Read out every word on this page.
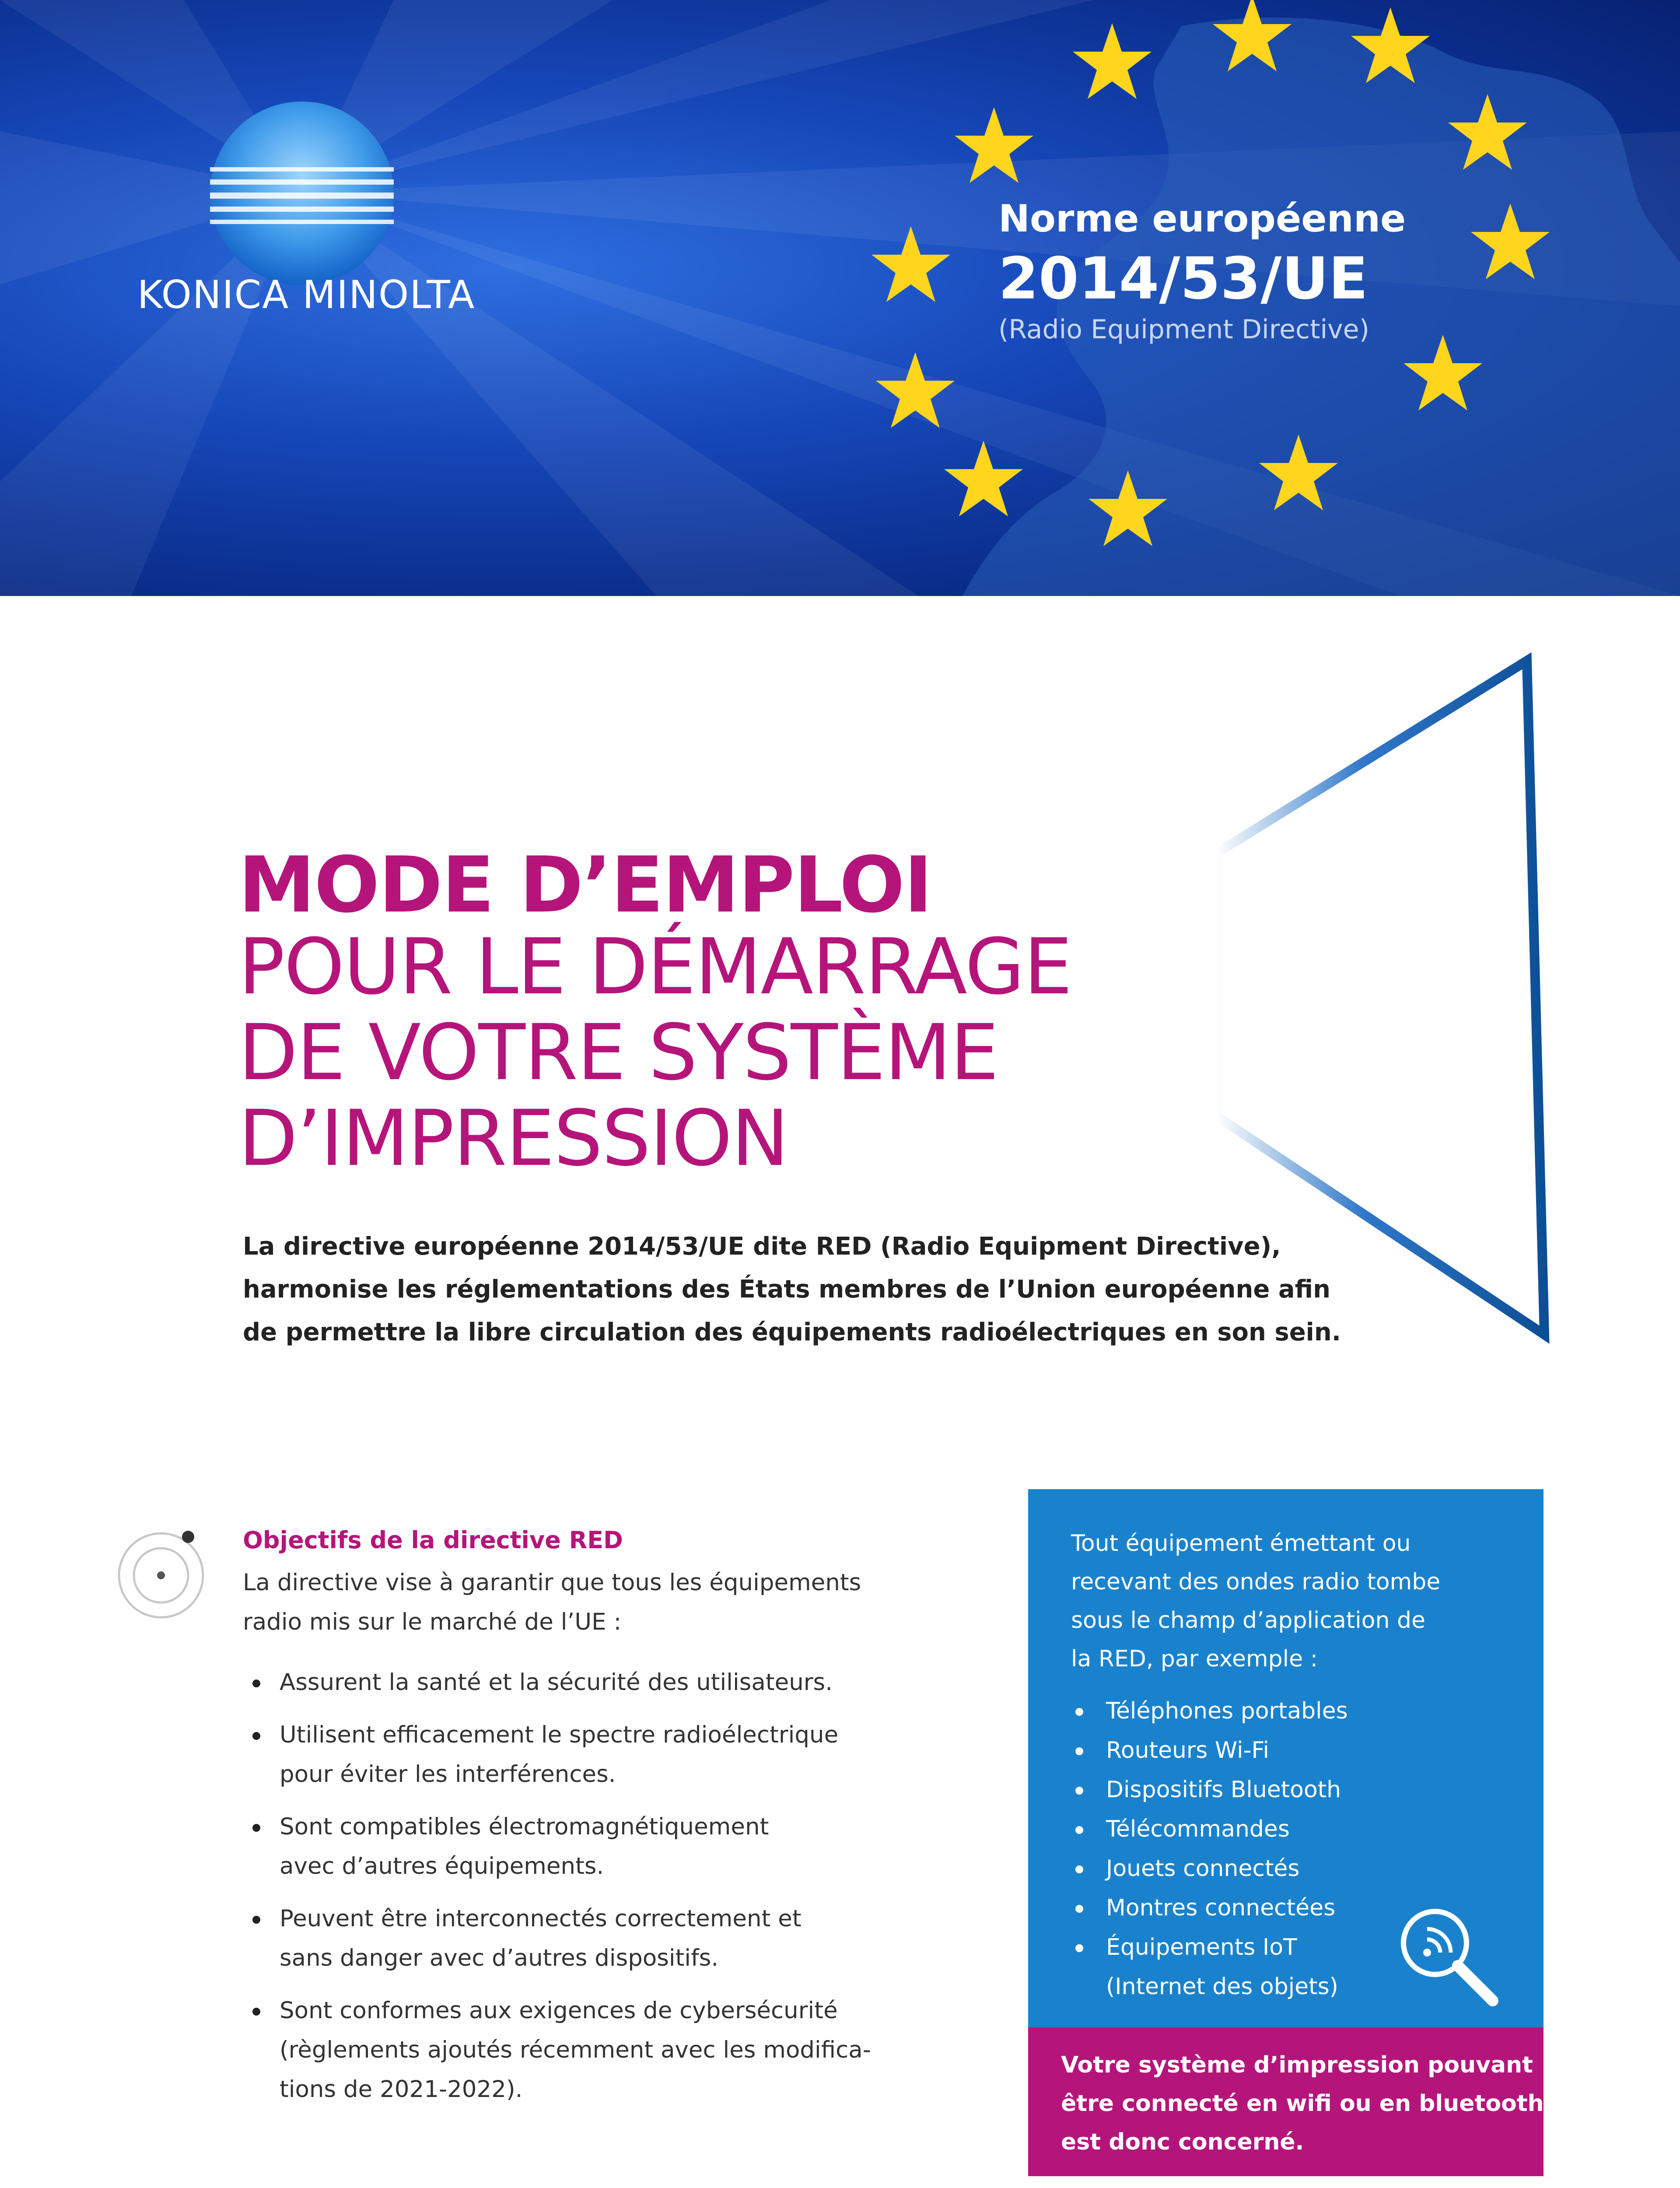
KONICA MINOLTA
Norme européenne
2014/53/UE
(Radio Equipment Directive)
MODE D’EMPLOI
POUR LE DÉMARRAGE
DE VOTRE SYSTÈME
D’IMPRESSION
La directive européenne 2014/53/UE dite RED (Radio Equipment Directive),
harmonise les réglementations des États membres de l’Union européenne afin
de permettre la libre circulation des équipements radioélectriques en son sein.
Objectifs de la directive RED
La directive vise à garantir que tous les équipements
radio mis sur le marché de l’UE :
Assurent la santé et la sécurité des utilisateurs.
Utilisent efficacement le spectre radioélectrique
pour éviter les interférences.
Sont compatibles électromagnétiquement
avec d’autres équipements.
Peuvent être interconnectés correctement et
sans danger avec d’autres dispositifs.
Sont conformes aux exigences de cybersécurité
(règlements ajoutés récemment avec les modifica-
tions de 2021-2022).
Tout équipement émettant ou
recevant des ondes radio tombe
sous le champ d’application de
la RED, par exemple :
Téléphones portables
Routeurs Wi-Fi
Dispositifs Bluetooth
Télécommandes
Jouets connectés
Montres connectées
Équipements IoT
(Internet des objets)
Votre système d’impression pouvant
être connecté en wifi ou en bluetooth
est donc concerné.
